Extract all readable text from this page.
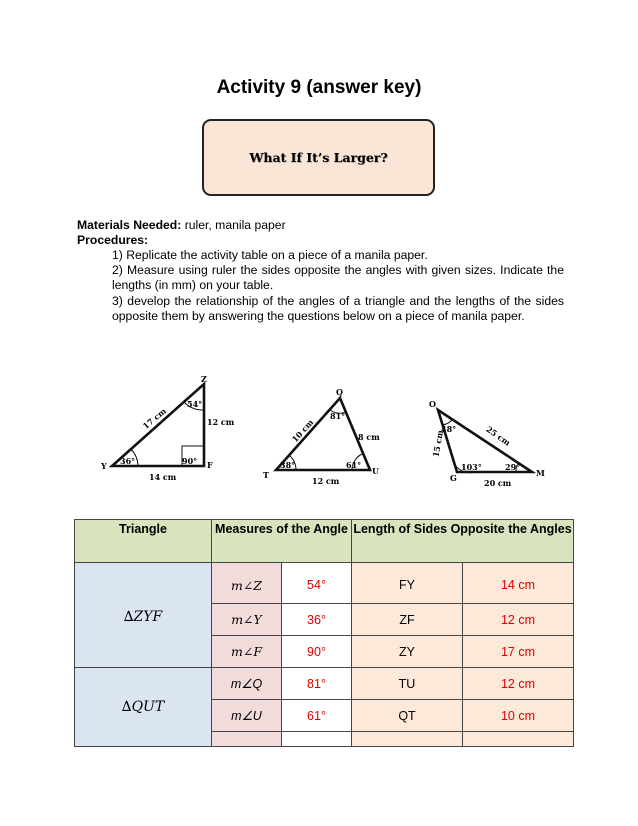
Activity 9 (answer key)
What If It’s Larger?
Materials Needed: ruler, manila paper
Procedures:

1) Replicate the activity table on a piece of a manila paper.

2) Measure using ruler the sides opposite the angles with given sizes. Indicate the lengths (in mm) on your table.

3) develop the relationship of the angles of a triangle and the lengths of the sides opposite them by answering the questions below on a piece of manila paper.

Z
Y	F
54°
36°	90°
17 cm	12 cm
14 cm
Q
T	U
81°
38°	61°
10 cm	8 cm
12 cm
O
G	M
48°
103°	29°
15 cm	25 cm
20 cm
Triangle	Measures of the Angle		Length of Sides Opposite the Angles	
∆ZYF	m∠Z	54°	FY	14 cm
	m∠Y	36°	ZF	12 cm
	m∠F	90°	ZY	17 cm
∆QUT	m∠Q	81°	TU	12 cm
	m∠U	61°	QT	10 cm
